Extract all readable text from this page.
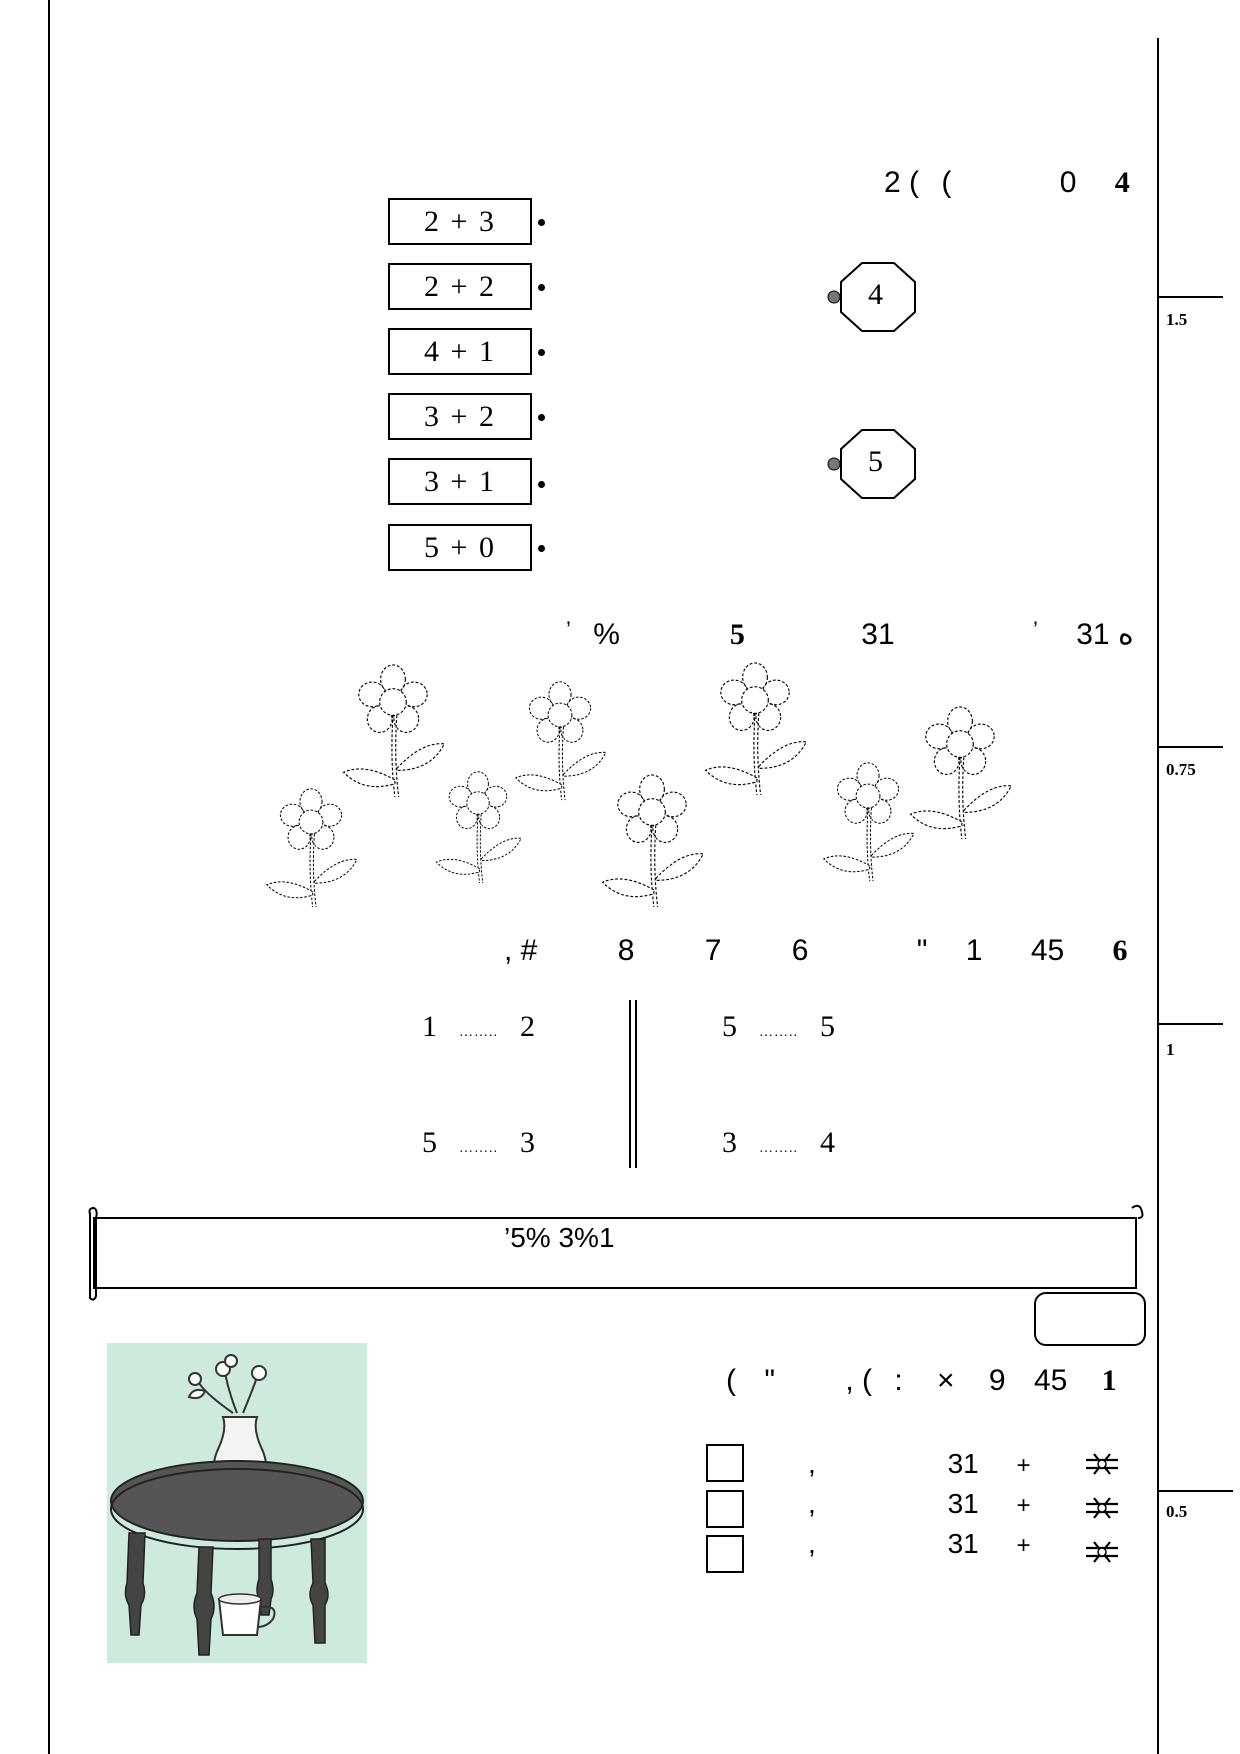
1.5
0.75
1
0.5
2 ( (	0 4
2 + 3
2 + 2
4 + 1
3 + 2
3 + 1
5 + 0
4
5
’ %ه 31 ’ 31 5
, #	8 7 6	" 1 45 6
1 …….. 2
5 …….. 3
5 …….. 5
3 …….. 4
’5% 3%1
( " , ( : × 9 45 1
,	31 +
,	31 +
,	31 +
